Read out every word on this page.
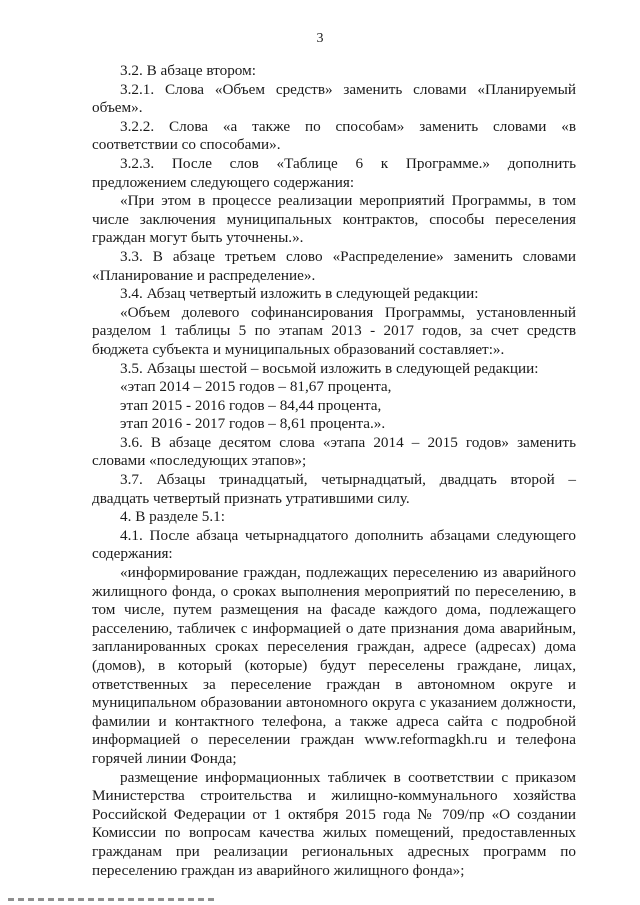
3

3.2. В абзаце втором:

3.2.1. Слова «Объем средств» заменить словами «Планируемый объем».

3.2.2. Слова «а также по способам» заменить словами «в соответствии со способами».

3.2.3. После слов «Таблице 6 к Программе.» дополнить предложением следующего содержания:

«При этом в процессе реализации мероприятий Программы, в том числе заключения муниципальных контрактов, способы переселения граждан могут быть уточнены.».

3.3. В абзаце третьем слово «Распределение» заменить словами «Планирование и распределение».

3.4. Абзац четвертый изложить в следующей редакции:

«Объем долевого софинансирования Программы, установленный разделом 1 таблицы 5 по этапам 2013 - 2017 годов, за счет средств бюджета субъекта и муниципальных образований составляет:».

3.5. Абзацы шестой – восьмой изложить в следующей редакции:

«этап 2014 – 2015 годов – 81,67 процента,

этап 2015 - 2016 годов – 84,44 процента,

этап 2016 - 2017 годов – 8,61 процента.».

3.6. В абзаце десятом слова «этапа 2014 – 2015 годов» заменить словами «последующих этапов»;

3.7. Абзацы тринадцатый, четырнадцатый, двадцать второй – двадцать четвертый признать утратившими силу.

4. В разделе 5.1:

4.1. После абзаца четырнадцатого дополнить абзацами следующего содержания:

«информирование граждан, подлежащих переселению из аварийного жилищного фонда, о сроках выполнения мероприятий по переселению, в том числе, путем размещения на фасаде каждого дома, подлежащего расселению, табличек с информацией о дате признания дома аварийным, запланированных сроках переселения граждан, адресе (адресах) дома (домов), в который (которые) будут переселены граждане, лицах, ответственных за переселение граждан в автономном округе и муниципальном образовании автономного округа с указанием должности, фамилии и контактного телефона, а также адреса сайта с подробной информацией о переселении граждан www.reformagkh.ru и телефона горячей линии Фонда;

размещение информационных табличек в соответствии с приказом Министерства строительства и жилищно-коммунального хозяйства Российской Федерации от 1 октября 2015 года № 709/пр «О создании Комиссии по вопросам качества жилых помещений, предоставленных гражданам при реализации региональных адресных программ по переселению граждан из аварийного жилищного фонда»;
